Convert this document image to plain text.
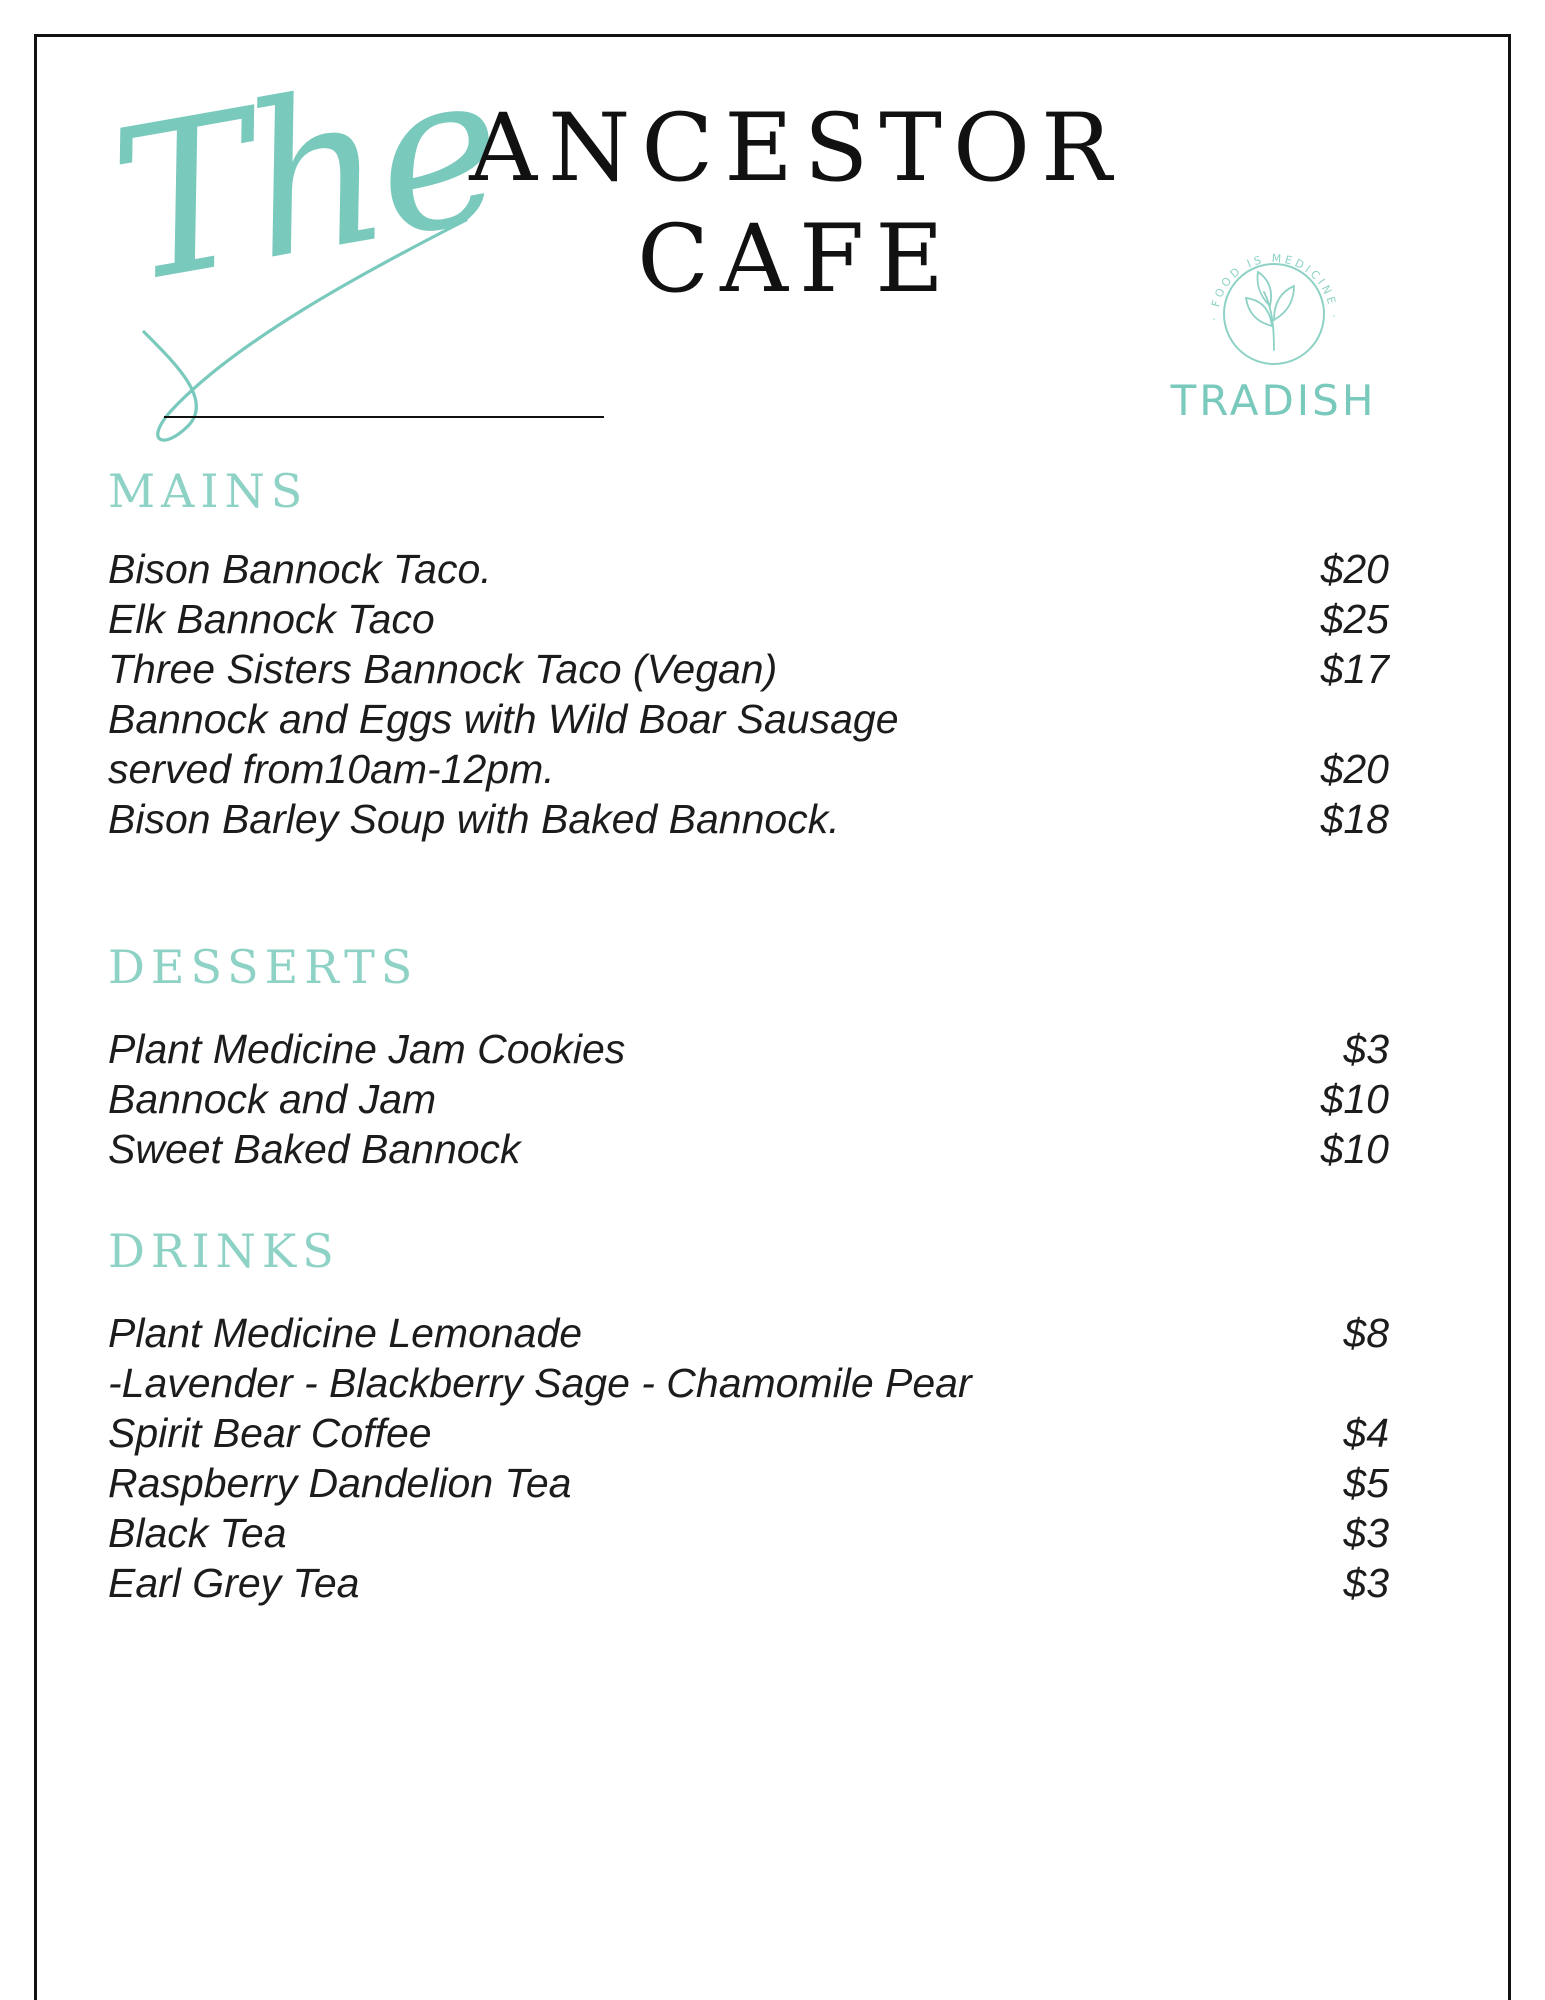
The
ANCESTOR
CAFE
· FOOD IS MEDICINE ·
TRADISH
MAINS
Bison Bannock Taco.	$20
Elk Bannock Taco	$25
Three Sisters Bannock Taco (Vegan)	$17
Bannock and Eggs with Wild Boar Sausage
served from10am-12pm.	$20
Bison Barley Soup with Baked Bannock.	$18
DESSERTS
Plant Medicine Jam Cookies	$3
Bannock and Jam	$10
Sweet Baked Bannock	$10
DRINKS
Plant Medicine Lemonade	$8
-Lavender - Blackberry Sage - Chamomile Pear
Spirit Bear Coffee	$4
Raspberry Dandelion Tea	$5
Black Tea	$3
Earl Grey Tea	$3
